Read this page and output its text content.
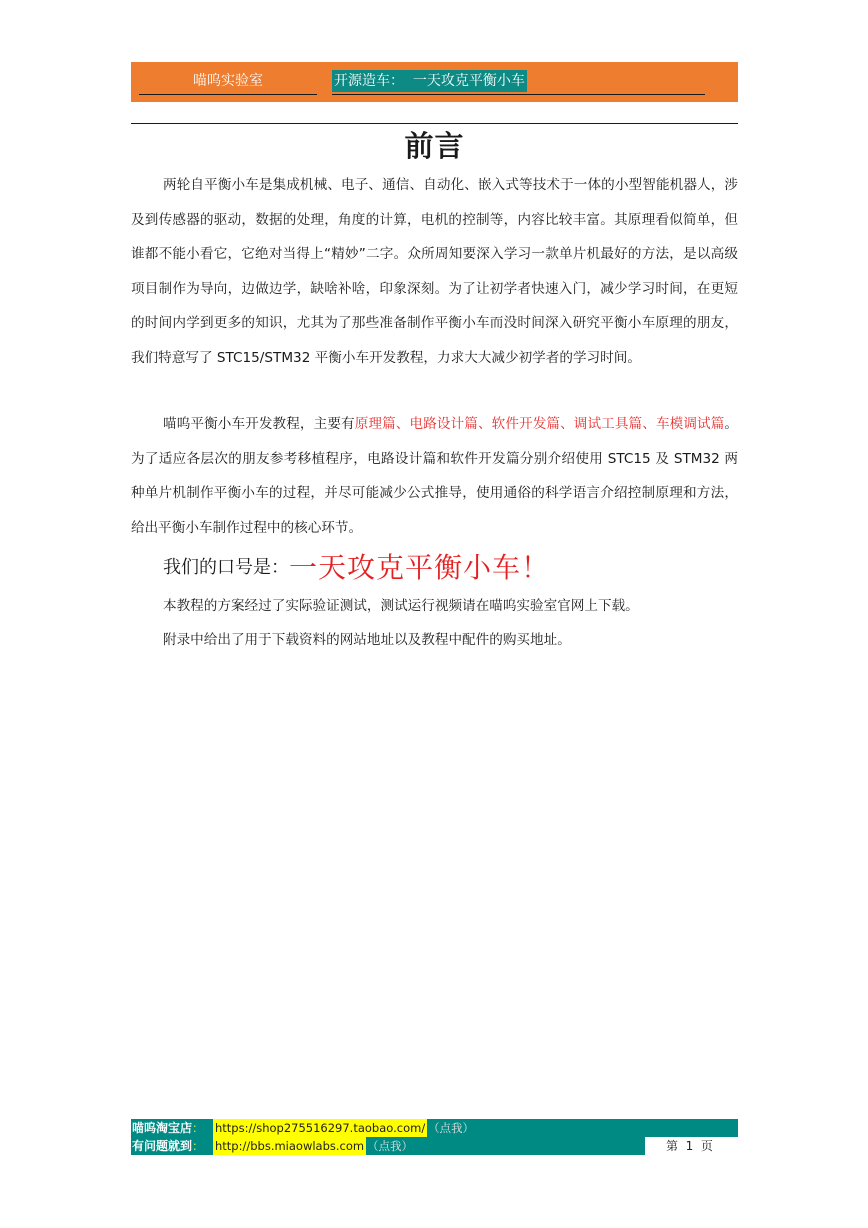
喵呜实验室	开源造车：  一天攻克平衡小车
前言
两轮自平衡小车是集成机械、电子、通信、自动化、嵌入式等技术于一体的小型智能机器人，涉及到传感器的驱动，数据的处理，角度的计算，电机的控制等，内容比较丰富。其原理看似简单，但谁都不能小看它，它绝对当得上“精妙”二字。众所周知要深入学习一款单片机最好的方法，是以高级项目制作为导向，边做边学，缺啥补啥，印象深刻。为了让初学者快速入门，减少学习时间，在更短的时间内学到更多的知识，尤其为了那些准备制作平衡小车而没时间深入研究平衡小车原理的朋友，我们特意写了 STC15/STM32 平衡小车开发教程，力求大大减少初学者的学习时间。
喵呜平衡小车开发教程，主要有原理篇、电路设计篇、软件开发篇、调试工具篇、车模调试篇。为了适应各层次的朋友参考移植程序，电路设计篇和软件开发篇分别介绍使用 STC15 及 STM32 两种单片机制作平衡小车的过程，并尽可能减少公式推导，使用通俗的科学语言介绍控制原理和方法，给出平衡小车制作过程中的核心环节。
我们的口号是：一天攻克平衡小车！
本教程的方案经过了实际验证测试，测试运行视频请在喵呜实验室官网上下载。
附录中给出了用于下载资料的网站地址以及教程中配件的购买地址。
喵呜淘宝店： https://shop275516297.taobao.com/ （点我）
有问题就到： http://bbs.miaowlabs.com （点我）	第  1  页
